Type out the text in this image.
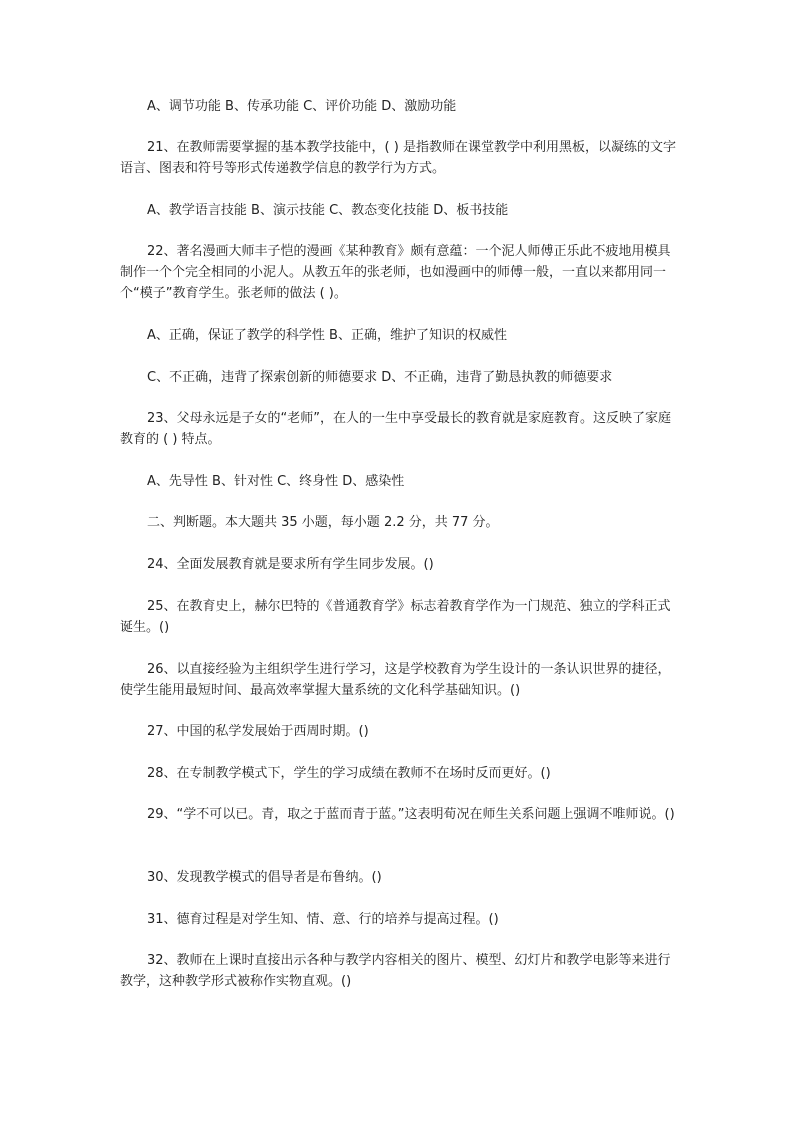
A、调节功能 B、传承功能 C、评价功能 D、激励功能

21、在教师需要掌握的基本教学技能中，( ) 是指教师在课堂教学中利用黑板，以凝练的文字语言、图表和符号等形式传递教学信息的教学行为方式。

A、教学语言技能 B、演示技能 C、教态变化技能 D、板书技能

22、著名漫画大师丰子恺的漫画《某种教育》颇有意蕴：一个泥人师傅正乐此不疲地用模具制作一个个完全相同的小泥人。从教五年的张老师，也如漫画中的师傅一般，一直以来都用同一个“模子”教育学生。张老师的做法 ( )。

A、正确，保证了教学的科学性 B、正确，维护了知识的权威性

C、不正确，违背了探索创新的师德要求 D、不正确，违背了勤恳执教的师德要求

23、父母永远是子女的“老师”，在人的一生中享受最长的教育就是家庭教育。这反映了家庭教育的 ( ) 特点。

A、先导性 B、针对性 C、终身性 D、感染性

二、判断题。本大题共 35 小题，每小题 2.2 分，共 77 分。

24、全面发展教育就是要求所有学生同步发展。()

25、在教育史上，赫尔巴特的《普通教育学》标志着教育学作为一门规范、独立的学科正式诞生。()

26、以直接经验为主组织学生进行学习，这是学校教育为学生设计的一条认识世界的捷径，使学生能用最短时间、最高效率掌握大量系统的文化科学基础知识。()

27、中国的私学发展始于西周时期。()

28、在专制教学模式下，学生的学习成绩在教师不在场时反而更好。()

29、“学不可以已。青，取之于蓝而青于蓝。”这表明荀况在师生关系问题上强调不唯师说。()

30、发现教学模式的倡导者是布鲁纳。()

31、德育过程是对学生知、情、意、行的培养与提高过程。()

32、教师在上课时直接出示各种与教学内容相关的图片、模型、幻灯片和教学电影等来进行教学，这种教学形式被称作实物直观。()
